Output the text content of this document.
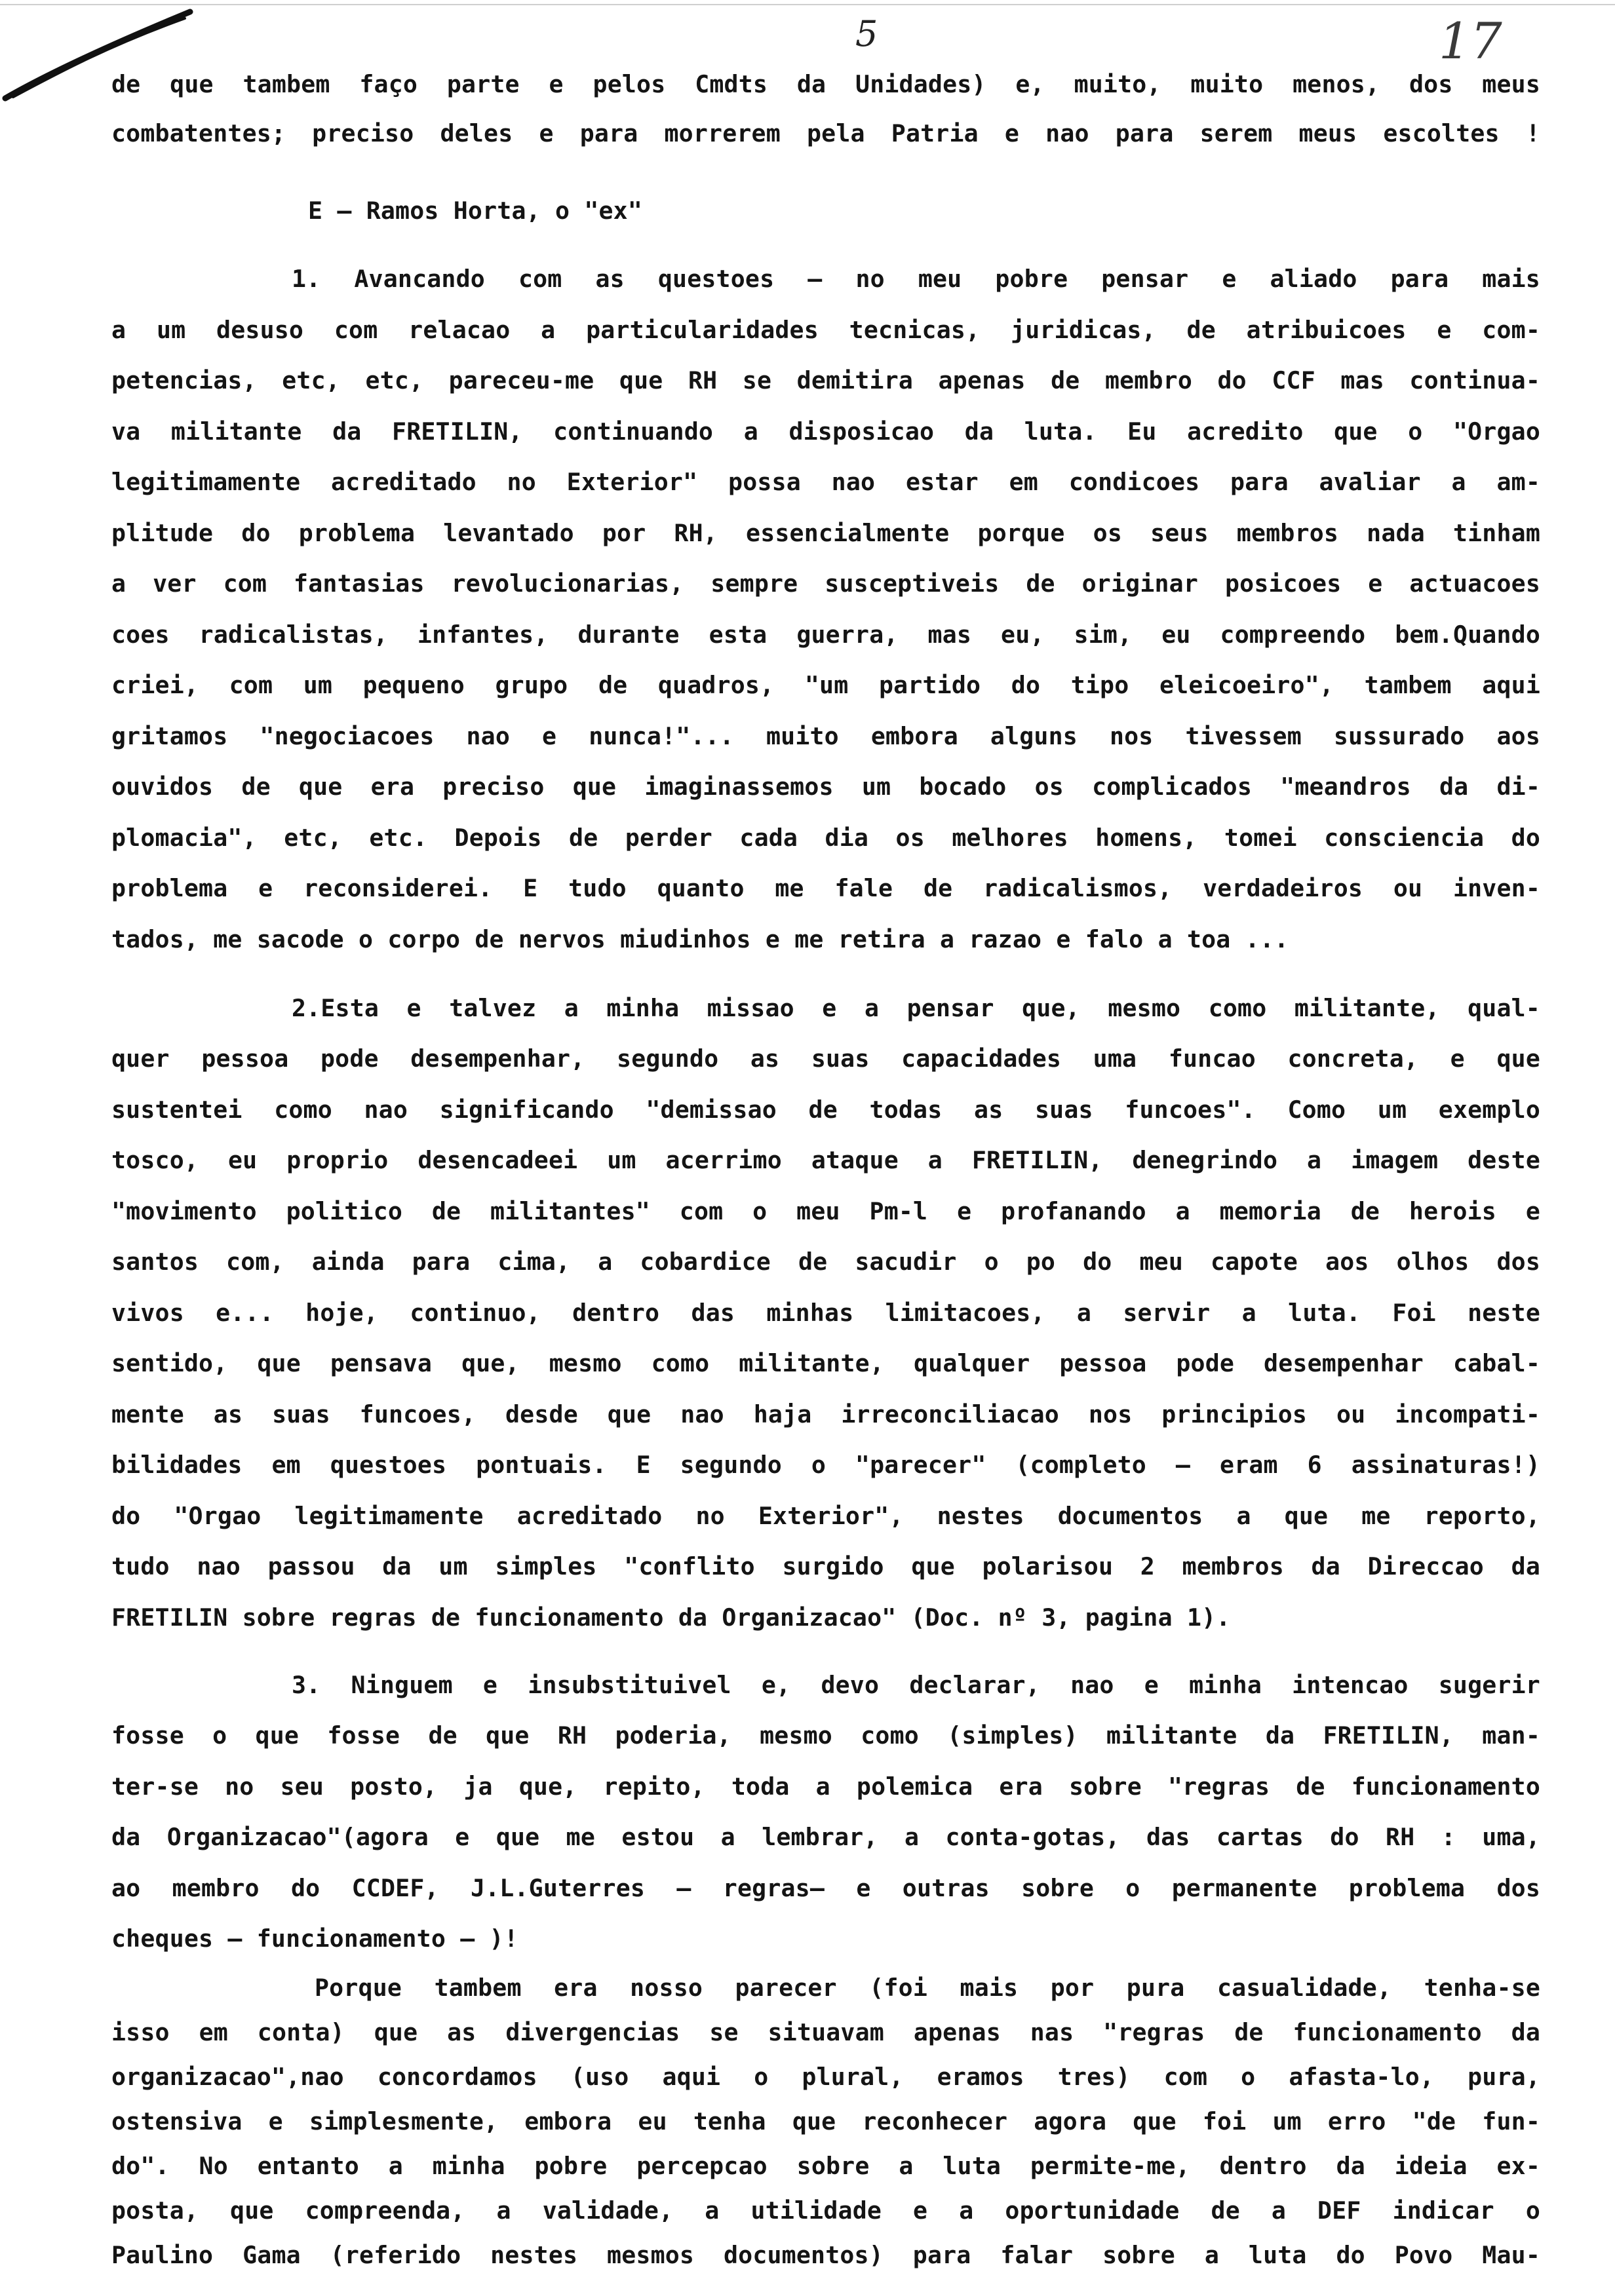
5	17
de que tambem faço parte e pelos Cmdts da Unidades) e, muito, muito menos, dos meus
combatentes; preciso deles e para morrerem pela Patria e nao para serem meus escoltes !
E — Ramos Horta, o "ex"
1. Avancando com as questoes — no meu pobre pensar e aliado para mais
a um desuso com relacao a particularidades tecnicas, juridicas, de atribuicoes e com-
petencias, etc, etc, pareceu-me que RH se demitira apenas de membro do CCF mas continua-
va militante da FRETILIN, continuando a disposicao da luta. Eu acredito que o "Orgao
legitimamente acreditado no Exterior" possa nao estar em condicoes para avaliar a am-
plitude do problema levantado por RH, essencialmente porque os seus membros nada tinham
a ver com fantasias revolucionarias, sempre susceptiveis de originar posicoes e actuacoes
coes radicalistas, infantes, durante esta guerra, mas eu, sim, eu compreendo bem.Quando
criei, com um pequeno grupo de quadros, "um partido do tipo eleicoeiro", tambem aqui
gritamos "negociacoes nao e nunca!"... muito embora alguns nos tivessem sussurado aos
ouvidos de que era preciso que imaginassemos um bocado os complicados "meandros da di-
plomacia", etc, etc. Depois de perder cada dia os melhores homens, tomei consciencia do
problema e reconsiderei. E tudo quanto me fale de radicalismos, verdadeiros ou inven-
tados, me sacode o corpo de nervos miudinhos e me retira a razao e falo a toa ...
2.Esta e talvez a minha missao e a pensar que, mesmo como militante, qual-
quer pessoa pode desempenhar, segundo as suas capacidades uma funcao concreta, e que
sustentei como nao significando "demissao de todas as suas funcoes". Como um exemplo
tosco, eu proprio desencadeei um acerrimo ataque a FRETILIN, denegrindo a imagem deste
"movimento politico de militantes" com o meu Pm-l e profanando a memoria de herois e
santos com, ainda para cima, a cobardice de sacudir o po do meu capote aos olhos dos
vivos e... hoje, continuo, dentro das minhas limitacoes, a servir a luta. Foi neste
sentido, que pensava que, mesmo como militante, qualquer pessoa pode desempenhar cabal-
mente as suas funcoes, desde que nao haja irreconciliacao nos principios ou incompati-
bilidades em questoes pontuais. E segundo o "parecer" (completo — eram 6 assinaturas!)
do "Orgao legitimamente acreditado no Exterior", nestes documentos a que me reporto,
tudo nao passou da um simples "conflito surgido que polarisou 2 membros da Direccao da
FRETILIN sobre regras de funcionamento da Organizacao" (Doc. nº 3, pagina 1).
3. Ninguem e insubstituivel e, devo declarar, nao e minha intencao sugerir
fosse o que fosse de que RH poderia, mesmo como (simples) militante da FRETILIN, man-
ter-se no seu posto, ja que, repito, toda a polemica era sobre "regras de funcionamento
da Organizacao"(agora e que me estou a lembrar, a conta-gotas, das cartas do RH : uma,
ao membro do CCDEF, J.L.Guterres — regras— e outras sobre o permanente problema dos
cheques — funcionamento — )!
Porque tambem era nosso parecer (foi mais por pura casualidade, tenha-se
isso em conta) que as divergencias se situavam apenas nas "regras de funcionamento da
organizacao",nao concordamos (uso aqui o plural, eramos tres) com o afasta-lo, pura,
ostensiva e simplesmente, embora eu tenha que reconhecer agora que foi um erro "de fun-
do". No entanto a minha pobre percepcao sobre a luta permite-me, dentro da ideia ex-
posta, que compreenda, a validade, a utilidade e a oportunidade de a DEF indicar o
Paulino Gama (referido nestes mesmos documentos) para falar sobre a luta do Povo Mau-
